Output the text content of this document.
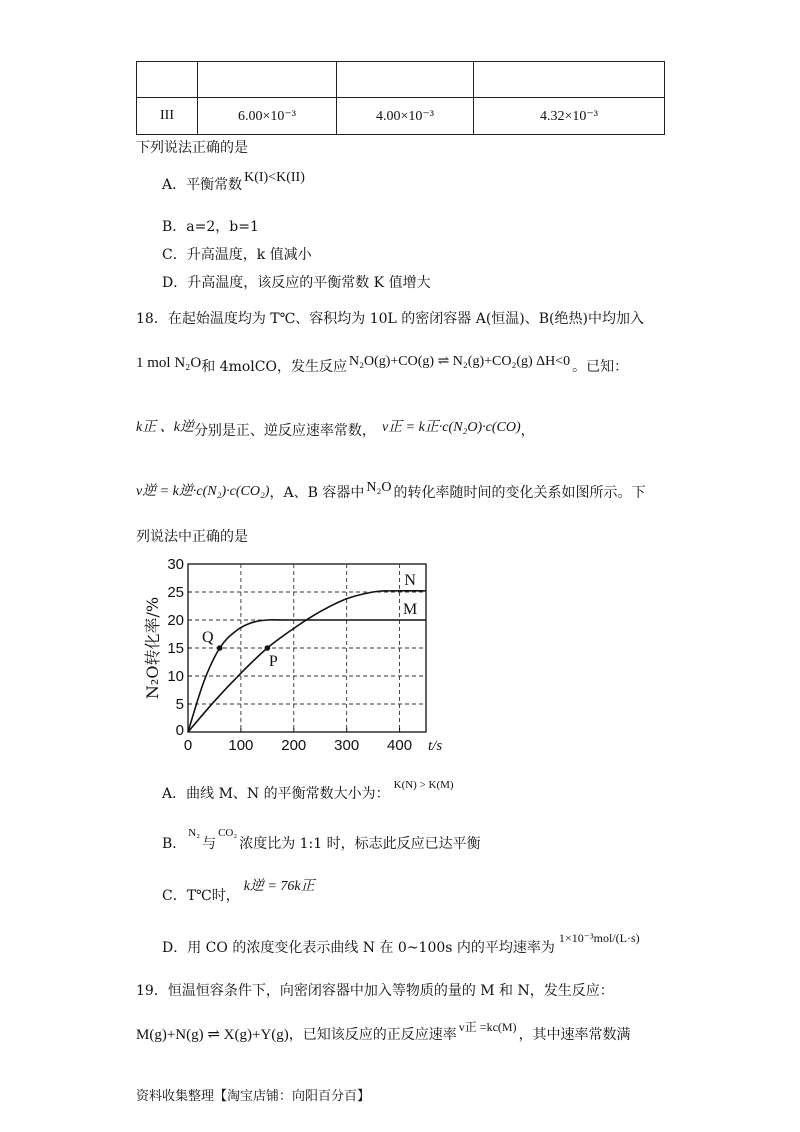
III	6.00×10⁻³	4.00×10⁻³	4.32×10⁻³
下列说法正确的是
A．平衡常数 K(I)<K(II)
B．a=2，b=1
C．升高温度，k 值减小
D．升高温度，该反应的平衡常数 K 值增大
18．在起始温度均为 T℃、容积均为 10L 的密闭容器 A(恒温)、B(绝热)中均加入
1 mol N₂O和 4molCO，发生反应 N₂O(g)+CO(g) ⇌ N₂(g)+CO₂(g) ΔH<0 。已知：
k正 、k逆分别是正、逆反应速率常数， v正 = k正·c(N₂O)·c(CO)，
v逆 = k逆·c(N₂)·c(CO₂)，A、B 容器中 N₂O 的转化率随时间的变化关系如图所示。下
列说法中正确的是
0 100 200 300 400
0
5
10
15
20
25
30
t/s
N₂O转化率/%	M
N
Q
P
A．曲线 M、N 的平衡常数大小为：$^{K(N) > K(M)}$
B．$^{N_2}$与$^{CO_2}$浓度比为 1:1 时，标志此反应已达平衡
C．T℃时，k逆 = 76k正
D．用 CO 的浓度变化表示曲线 N 在 0~100s 内的平均速率为1×10⁻³mol/(L·s)
19．恒温恒容条件下，向密闭容器中加入等物质的量的 M 和 N，发生反应：
M(g)+N(g) ⇌ X(g)+Y(g)，已知该反应的正反应速率 v正 =kc(M) ，其中速率常数满
资料收集整理【淘宝店铺：向阳百分百】
